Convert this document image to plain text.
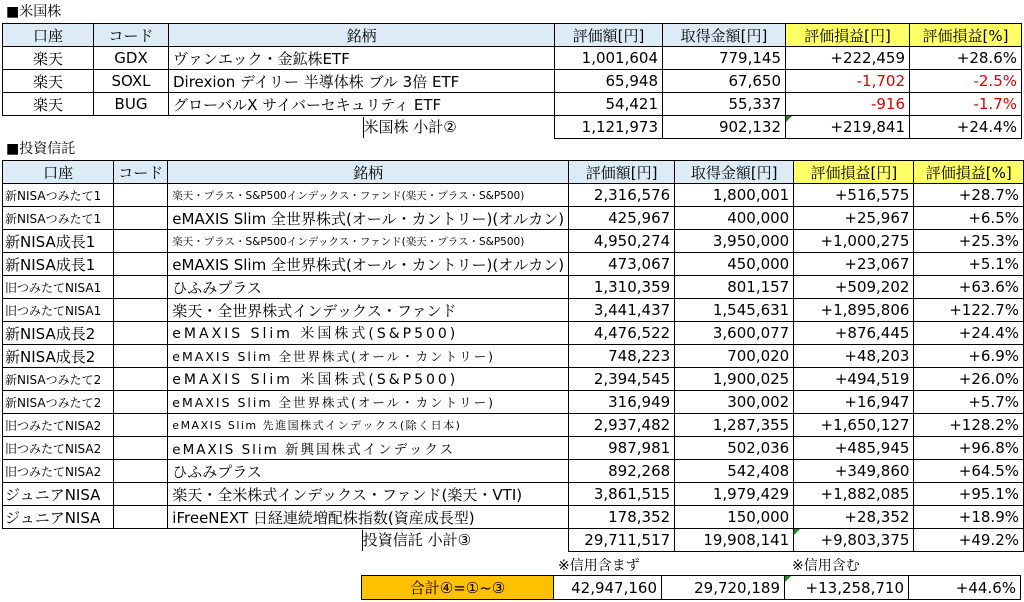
■米国株
口座	コード	銘柄	評価額[円]	取得金額[円]	評価損益[円]	評価損益[%]
楽天	GDX	ヴァンエック・金鉱株ETF	1,001,604	779,145	+222,459	+28.6%
楽天	SOXL	Direxion デイリー 半導体株 ブル 3倍 ETF	65,948	67,650	-1,702	-2.5%
楽天	BUG	グローバルX サイバーセキュリティ ETF	54,421	55,337	-916	-1.7%

		米国株 小計②	1,121,973	902,132	+219,841	+24.4%
■投資信託
口座	コード	銘柄	評価額[円]	取得金額[円]	評価損益[円]	評価損益[%]
新NISAつみたて1		楽天・プラス・S&P500インデックス・ファンド(楽天・プラス・S&P500)	2,316,576	1,800,001	+516,575	+28.7%
新NISAつみたて1		eMAXIS Slim 全世界株式(オール・カントリー)(オルカン)	425,967	400,000	+25,967	+6.5%
新NISA成長1		楽天・プラス・S&P500インデックス・ファンド(楽天・プラス・S&P500)	4,950,274	3,950,000	+1,000,275	+25.3%
新NISA成長1		eMAXIS Slim 全世界株式(オール・カントリー)(オルカン)	473,067	450,000	+23,067	+5.1%
旧つみたてNISA1		ひふみプラス	1,310,359	801,157	+509,202	+63.6%
旧つみたてNISA1		楽天・全世界株式インデックス・ファンド	3,441,437	1,545,631	+1,895,806	+122.7%
新NISA成長2		eMAXIS Slim 米国株式(S&P500)	4,476,522	3,600,077	+876,445	+24.4%
新NISA成長2		eMAXIS Slim 全世界株式(オール・カントリー)	748,223	700,020	+48,203	+6.9%
新NISAつみたて2		eMAXIS Slim 米国株式(S&P500)	2,394,545	1,900,025	+494,519	+26.0%
新NISAつみたて2		eMAXIS Slim 全世界株式(オール・カントリー)	316,949	300,002	+16,947	+5.7%
旧つみたてNISA2		eMAXIS Slim 先進国株式インデックス(除く日本)	2,937,482	1,287,355	+1,650,127	+128.2%
旧つみたてNISA2		eMAXIS Slim 新興国株式インデックス	987,981	502,036	+485,945	+96.8%
旧つみたてNISA2		ひふみプラス	892,268	542,408	+349,860	+64.5%
ジュニアNISA		楽天・全米株式インデックス・ファンド(楽天・VTI)	3,861,515	1,979,429	+1,882,085	+95.1%
ジュニアNISA		iFreeNEXT 日経連続増配株指数(資産成長型)	178,352	150,000	+28,352	+18.9%

		投資信託 小計③	29,711,517	19,908,141	+9,803,375	+49.2%
※信用含まず	※信用含む
合計④=①~③	42,947,160	29,720,189	+13,258,710	+44.6%
